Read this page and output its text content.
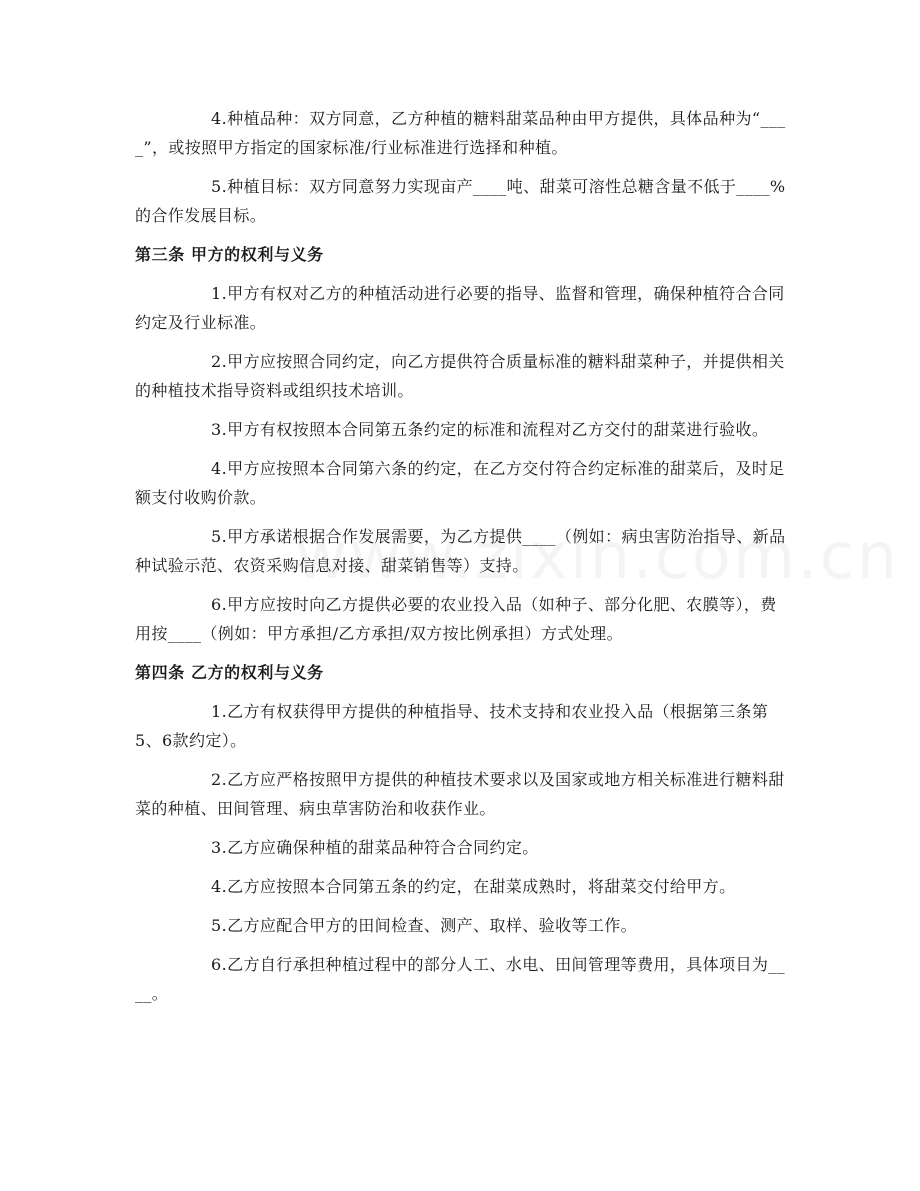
4.种植品种：双方同意，乙方种植的糖料甜菜品种由甲方提供，具体品种为“____”，或按照甲方指定的国家标准/行业标准进行选择和种植。

5.种植目标：双方同意努力实现亩产____吨、甜菜可溶性总糖含量不低于____%的合作发展目标。

第三条 甲方的权利与义务

1.甲方有权对乙方的种植活动进行必要的指导、监督和管理，确保种植符合合同约定及行业标准。

2.甲方应按照合同约定，向乙方提供符合质量标准的糖料甜菜种子，并提供相关的种植技术指导资料或组织技术培训。

3.甲方有权按照本合同第五条约定的标准和流程对乙方交付的甜菜进行验收。

4.甲方应按照本合同第六条的约定，在乙方交付符合约定标准的甜菜后，及时足额支付收购价款。

5.甲方承诺根据合作发展需要，为乙方提供____（例如：病虫害防治指导、新品种试验示范、农资采购信息对接、甜菜销售等）支持。

6.甲方应按时向乙方提供必要的农业投入品（如种子、部分化肥、农膜等），费用按____（例如：甲方承担/乙方承担/双方按比例承担）方式处理。

第四条 乙方的权利与义务

1.乙方有权获得甲方提供的种植指导、技术支持和农业投入品（根据第三条第5、6款约定）。

2.乙方应严格按照甲方提供的种植技术要求以及国家或地方相关标准进行糖料甜菜的种植、田间管理、病虫草害防治和收获作业。

3.乙方应确保种植的甜菜品种符合合同约定。

4.乙方应按照本合同第五条的约定，在甜菜成熟时，将甜菜交付给甲方。

5.乙方应配合甲方的田间检查、测产、取样、验收等工作。

6.乙方自行承担种植过程中的部分人工、水电、田间管理等费用，具体项目为____。
